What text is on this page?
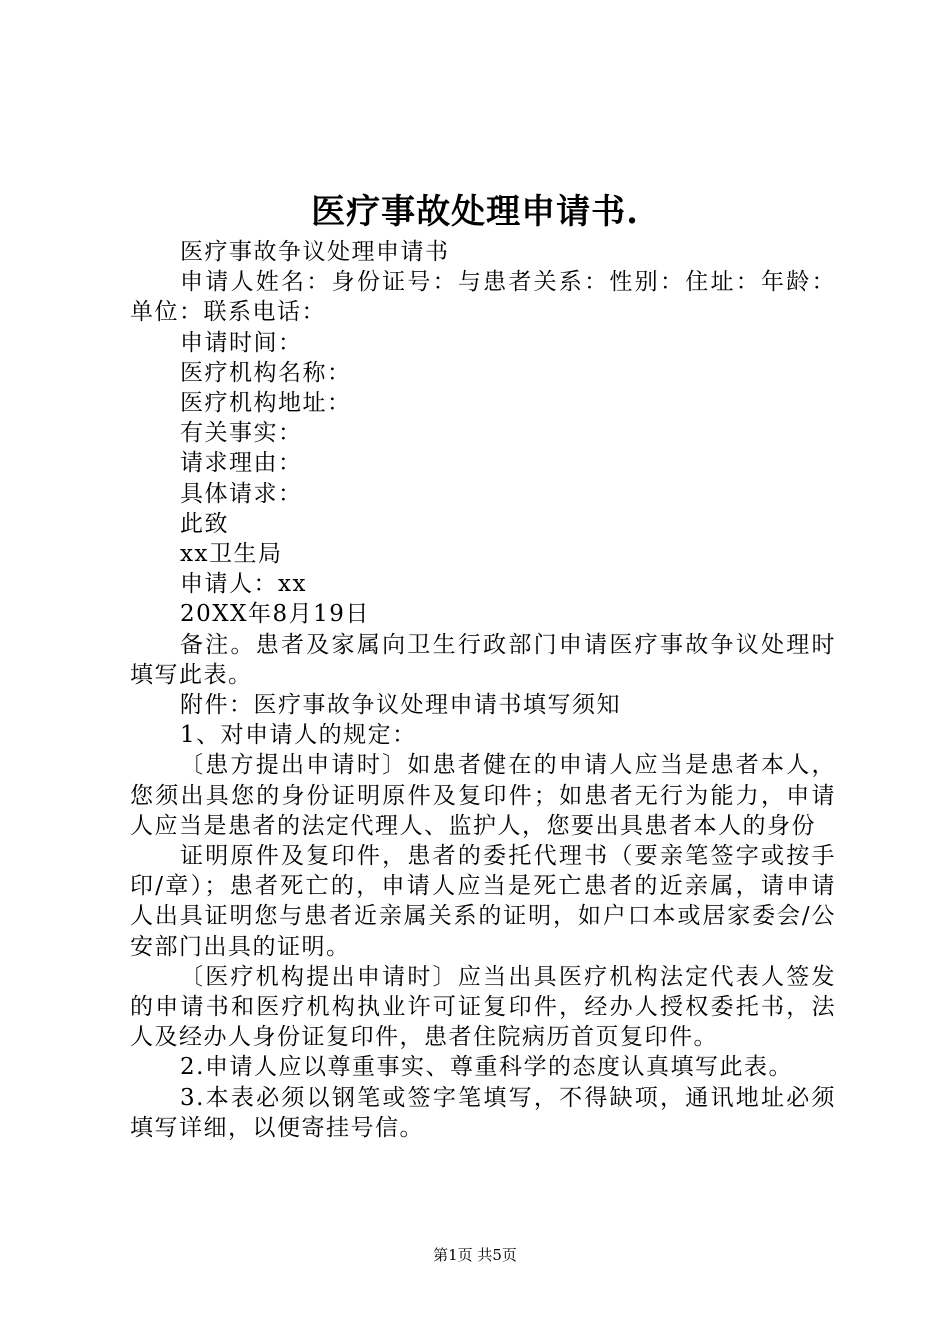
医疗事故处理申请书.

医疗事故争议处理申请书

申请人姓名：身份证号：与患者关系：性别：住址：年龄：单位：联系电话：

申请时间：

医疗机构名称：

医疗机构地址：

有关事实：

请求理由：

具体请求：

此致

xx卫生局

申请人：xx

20XX年8月19日

备注。患者及家属向卫生行政部门申请医疗事故争议处理时填写此表。

附件：医疗事故争议处理申请书填写须知

1、对申请人的规定：

〔患方提出申请时〕如患者健在的申请人应当是患者本人，您须出具您的身份证明原件及复印件；如患者无行为能力，申请人应当是患者的法定代理人、监护人，您要出具患者本人的身份

证明原件及复印件，患者的委托代理书（要亲笔签字或按手印/章）；患者死亡的，申请人应当是死亡患者的近亲属，请申请人出具证明您与患者近亲属关系的证明，如户口本或居家委会/公安部门出具的证明。

〔医疗机构提出申请时〕应当出具医疗机构法定代表人签发的申请书和医疗机构执业许可证复印件，经办人授权委托书，法人及经办人身份证复印件，患者住院病历首页复印件。

2.申请人应以尊重事实、尊重科学的态度认真填写此表。

3.本表必须以钢笔或签字笔填写，不得缺项，通讯地址必须填写详细，以便寄挂号信。

第1页 共5页
